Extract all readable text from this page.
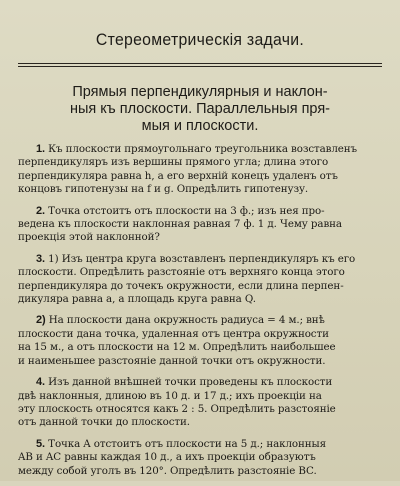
Стереометрическія задачи.
Прямыя перпендикулярныя и наклон-
ныя къ плоскости. Параллельныя пря-
мыя и плоскости.
1. Къ плоскости прямоугольнаго треугольника возставленъ
перпендикуляръ изъ вершины прямого угла; длина этого
перпендикуляра равна h, а его верхній конецъ удаленъ отъ
концовъ гипотенузы на f и g. Опредѣлить гипотенузу.
2. Точка отстоитъ отъ плоскости на 3 ф.; изъ нея про-
ведена къ плоскости наклонная равная 7 ф. 1 д. Чему равна
проекція этой наклонной?
3. 1) Изъ центра круга возставленъ перпендикуляръ къ его
плоскости. Опредѣлить разстояніе отъ верхняго конца этого
перпендикуляра до точекъ окружности, если длина перпен-
дикуляра равна a, а площадь круга равна Q.
2) На плоскости дана окружность радиуса = 4 м.; внѣ
плоскости дана точка, удаленная отъ центра окружности
на 15 м., а отъ плоскости на 12 м. Опредѣлить наибольшее
и наименьшее разстояніе данной точки отъ окружности.
4. Изъ данной внѣшней точки проведены къ плоскости
двѣ наклонныя, длиною въ 10 д. и 17 д.; ихъ проекціи на
эту плоскость относятся какъ 2 : 5. Опредѣлить разстояніе
отъ данной точки до плоскости.
5. Точка A отстоитъ отъ плоскости на 5 д.; наклонныя
AB и AC равны каждая 10 д., а ихъ проекціи образуютъ
между собой уголъ въ 120°. Опредѣлить разстояніе BC.
